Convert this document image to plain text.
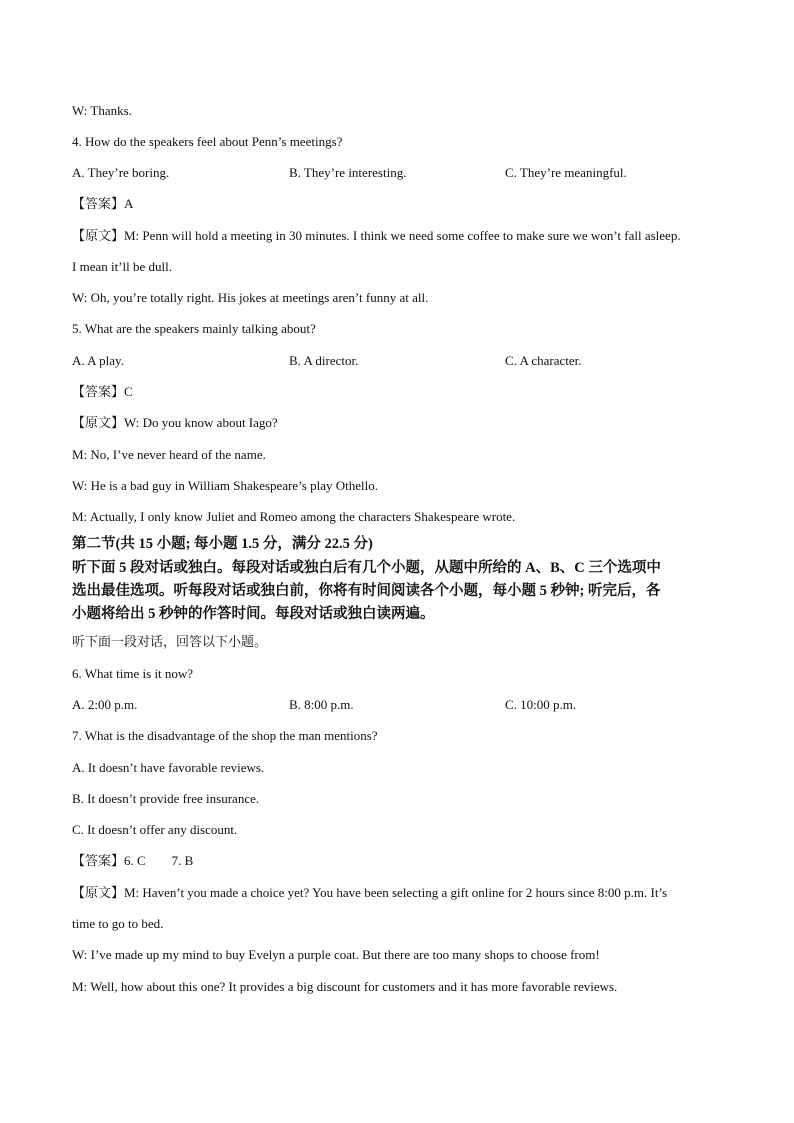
W: Thanks.
4. How do the speakers feel about Penn’s meetings?
A. They’re boring.	B. They’re interesting.	C. They’re meaningful.
【答案】A
【原文】M: Penn will hold a meeting in 30 minutes. I think we need some coffee to make sure we won’t fall asleep.
I mean it’ll be dull.
W: Oh, you’re totally right. His jokes at meetings aren’t funny at all.
5. What are the speakers mainly talking about?
A. A play.	B. A director.	C. A character.
【答案】C
【原文】W: Do you know about Iago?
M: No, I’ve never heard of the name.
W: He is a bad guy in William Shakespeare’s play Othello.
M: Actually, I only know Juliet and Romeo among the characters Shakespeare wrote.
第二节(共 15 小题; 每小题 1.5 分，满分 22.5 分)
听下面 5 段对话或独白。每段对话或独白后有几个小题，从题中所给的 A、B、C 三个选项中
选出最佳选项。听每段对话或独白前，你将有时间阅读各个小题，每小题 5 秒钟; 听完后，各
小题将给出 5 秒钟的作答时间。每段对话或独白读两遍。
听下面一段对话，回答以下小题。
6. What time is it now?
A. 2:00 p.m.	B. 8:00 p.m.	C. 10:00 p.m.
7. What is the disadvantage of the shop the man mentions?
A. It doesn’t have favorable reviews.
B. It doesn’t provide free insurance.
C. It doesn’t offer any discount.
【答案】6. C 7. B
【原文】M: Haven’t you made a choice yet? You have been selecting a gift online for 2 hours since 8:00 p.m. It’s
time to go to bed.
W: I’ve made up my mind to buy Evelyn a purple coat. But there are too many shops to choose from!
M: Well, how about this one? It provides a big discount for customers and it has more favorable reviews.
